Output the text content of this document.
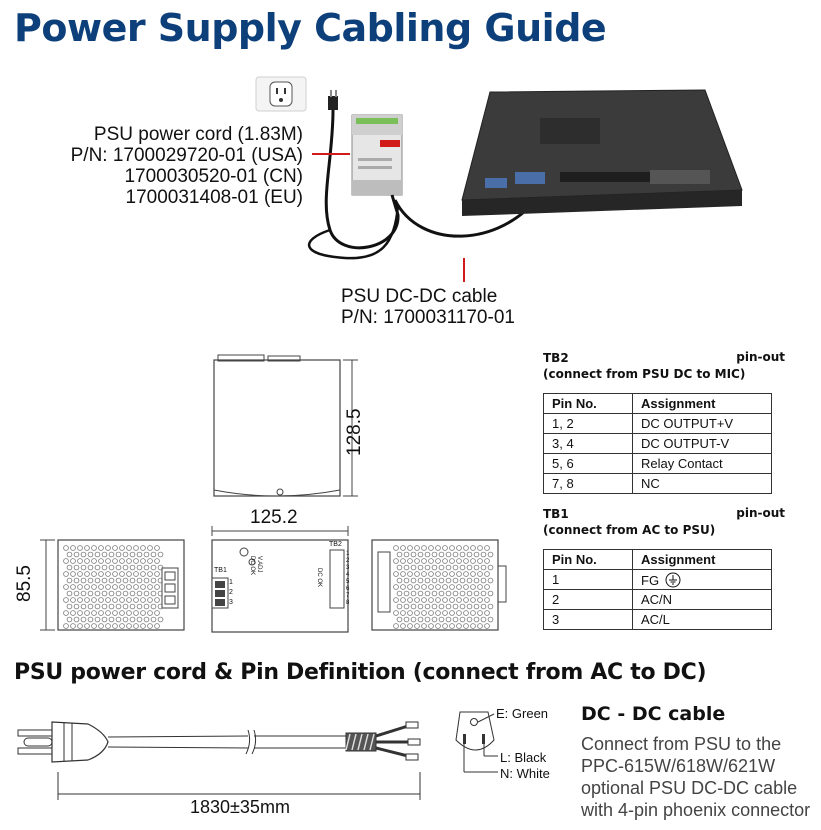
Power Supply Cabling Guide
PSU power cord (1.83M)
P/N: 1700029720-01 (USA)
1700030520-01 (CN)
1700031408-01 (EU)
PSU DC-DC cable
P/N: 1700031170-01
128.5
125.2
85.5	TB1
TB2
1
2
3
1
2
3
4
5
6
7
8
DC OK V.ADJ
DC OK
TB2
(connect from PSU DC to MIC)
pin-out
Pin No.	Assignment
1, 2	DC OUTPUT+V
3, 4	DC OUTPUT-V
5, 6	Relay Contact
7, 8	NC
TB1
(connect from AC to PSU)
pin-out
Pin No.	Assignment
1	FG
2	AC/N
3	AC/L
PSU power cord & Pin Definition (connect from AC to DC)
1830±35mm
E: Green
L: Black
N: White
DC - DC cable
Connect from PSU to the PPC-615W/618W/621W optional PSU DC-DC cable with 4-pin phoenix connector
